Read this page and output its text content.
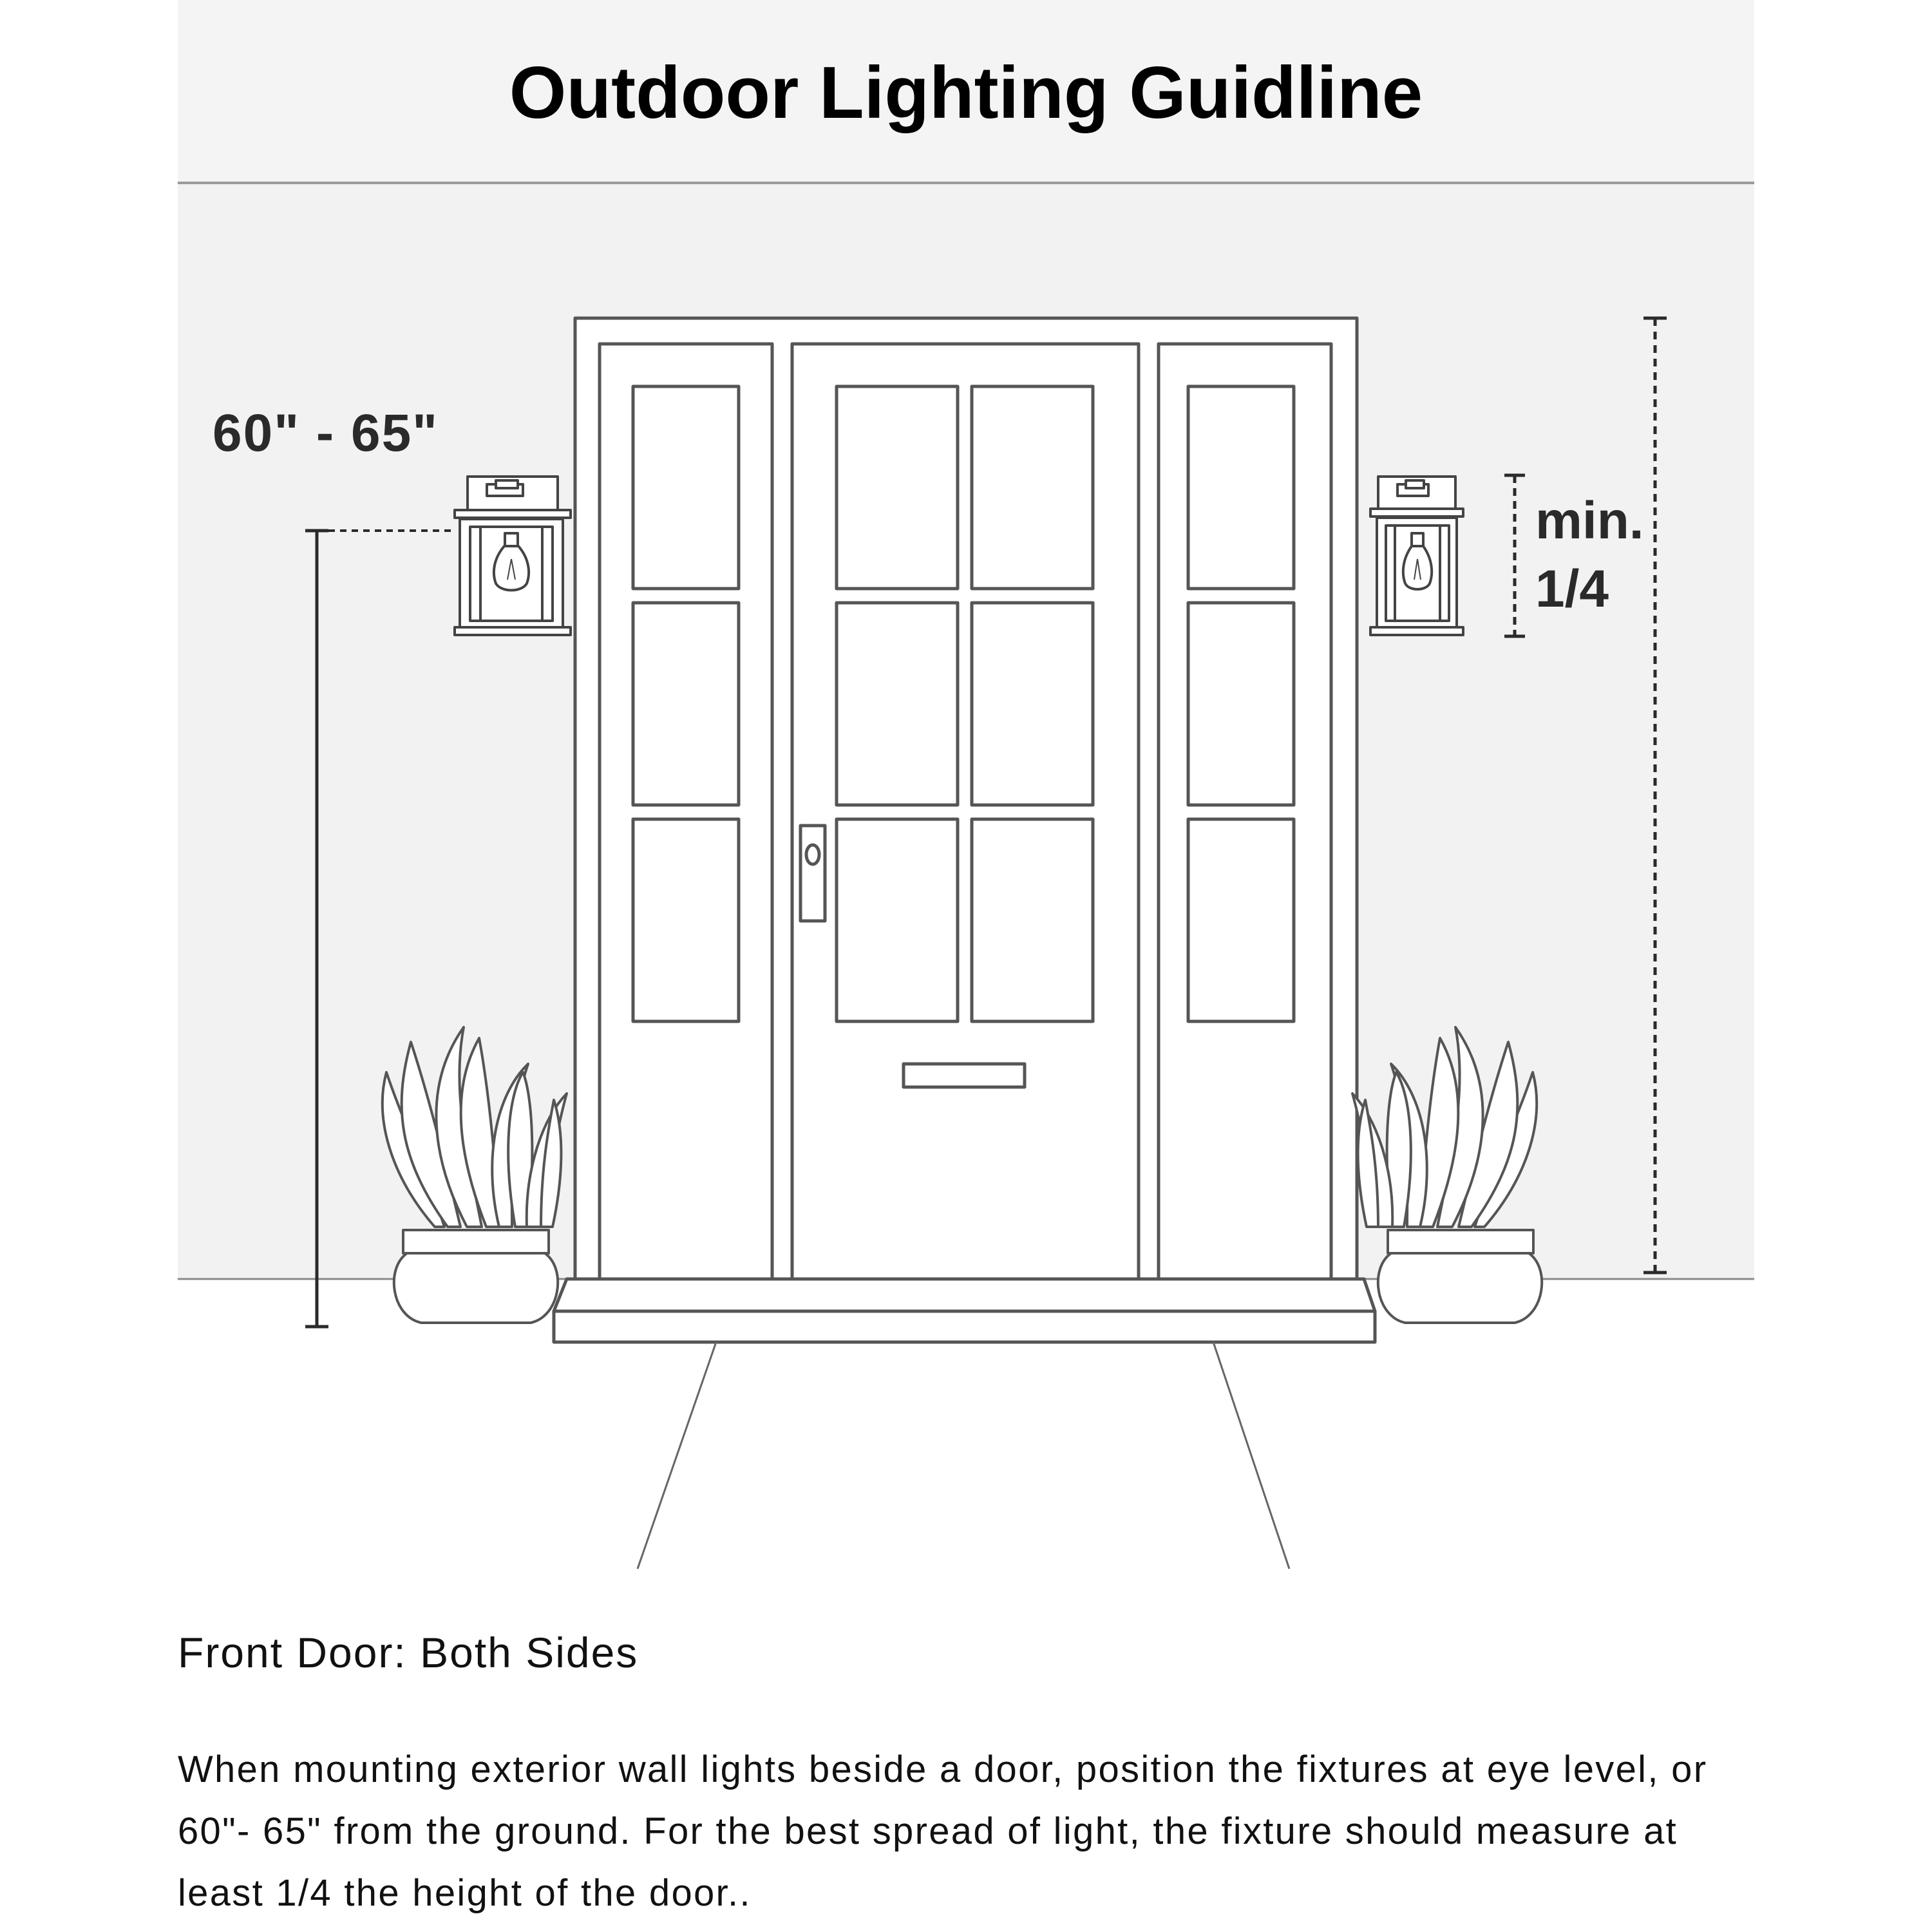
Outdoor Lighting Guidline
60" - 65"
min.
1/4
Front Door: Both Sides
When mounting exterior wall lights beside a door, position the fixtures at eye level, or 60"- 65" from the ground. For the best spread of light, the fixture should measure at least 1/4 the height of the door..
